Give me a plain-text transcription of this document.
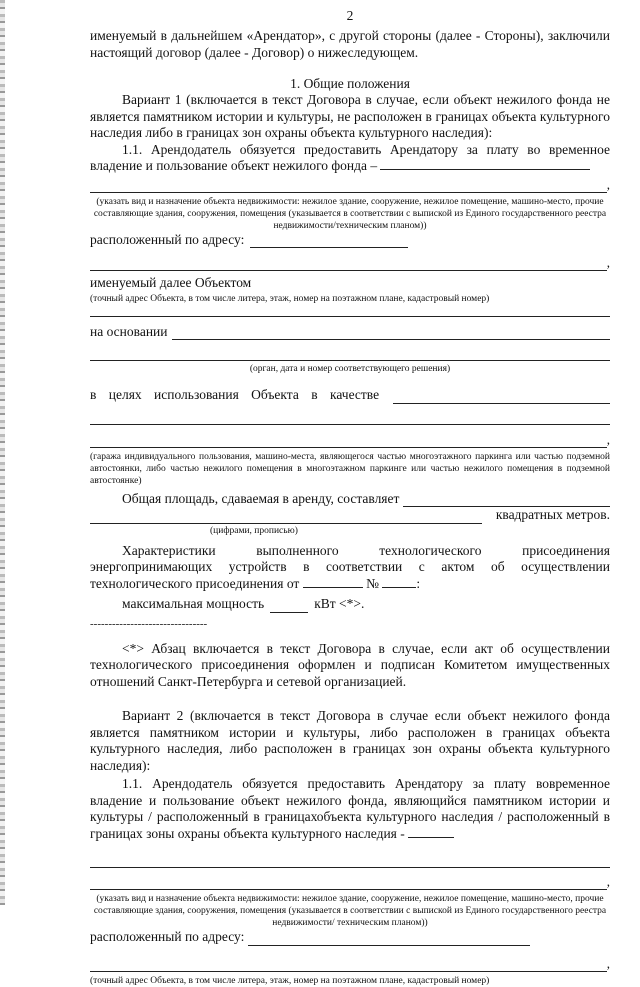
2

именуемый в дальнейшем «Арендатор», с другой стороны (далее - Стороны), заключили настоящий договор (далее - Договор) о нижеследующем.

1. Общие положения

Вариант 1 (включается в текст Договора в случае, если объект нежилого фонда не является памятником истории и культуры, не расположен в границах объекта культурного наследия либо в границах зон охраны объекта культурного наследия):

1.1. Арендодатель обязуется предоставить Арендатору за плату во временное владение и пользование объект нежилого фонда –

,

(указать вид и назначение объекта недвижимости: нежилое здание, сооружение, нежилое помещение, машино-место, прочие составляющие здания, сооружения, помещения (указывается в соответствии с выпиской из Единого государственного реестра недвижимости/техническим планом))

расположенный по адресу:
,
именуемый далее Объектом

(точный адрес Объекта, в том числе литера, этаж, номер на поэтажном плане, кадастровый номер)

на основании

(орган, дата и номер соответствующего решения)

в целях использования Объекта в качестве
,

(гаража индивидуального пользования, машино-места, являющегося частью многоэтажного паркинга или частью подземной автостоянки, либо частью нежилого помещения в многоэтажном паркинге или частью нежилого помещения в подземной автостоянке)

Общая площадь, сдаваемая в аренду, составляет
квадратных метров.

(цифрами, прописью)

Характеристики выполненного технологического присоединения энергопринимающих устройств в соответствии с актом об осуществлении технологического присоединения от	№	:

максимальная мощность	кВт <*>.
--------------------------------

<*> Абзац включается в текст Договора в случае, если акт об осуществлении технологического присоединения оформлен и подписан Комитетом имущественных отношений Санкт-Петербурга и сетевой организацией.

Вариант 2 (включается в текст Договора в случае если объект нежилого фонда является памятником истории и культуры, либо расположен в границах объекта культурного наследия, либо расположен в границах зон охраны объекта культурного наследия):

1.1. Арендодатель обязуется предоставить Арендатору за плату вовременное владение и пользование объект нежилого фонда, являющийся памятником истории и культуры / расположенный в границахобъекта культурного наследия / расположенный в границах зоны охраны объекта культурного наследия -

,

(указать вид и назначение объекта недвижимости: нежилое здание, сооружение, нежилое помещение, машино-место, прочие составляющие здания, сооружения, помещения (указывается в соответствии с выпиской из Единого государственного реестра недвижимости/ техническим планом))

расположенный по адресу:
,

(точный адрес Объекта, в том числе литера, этаж, номер на поэтажном плане, кадастровый номер)
